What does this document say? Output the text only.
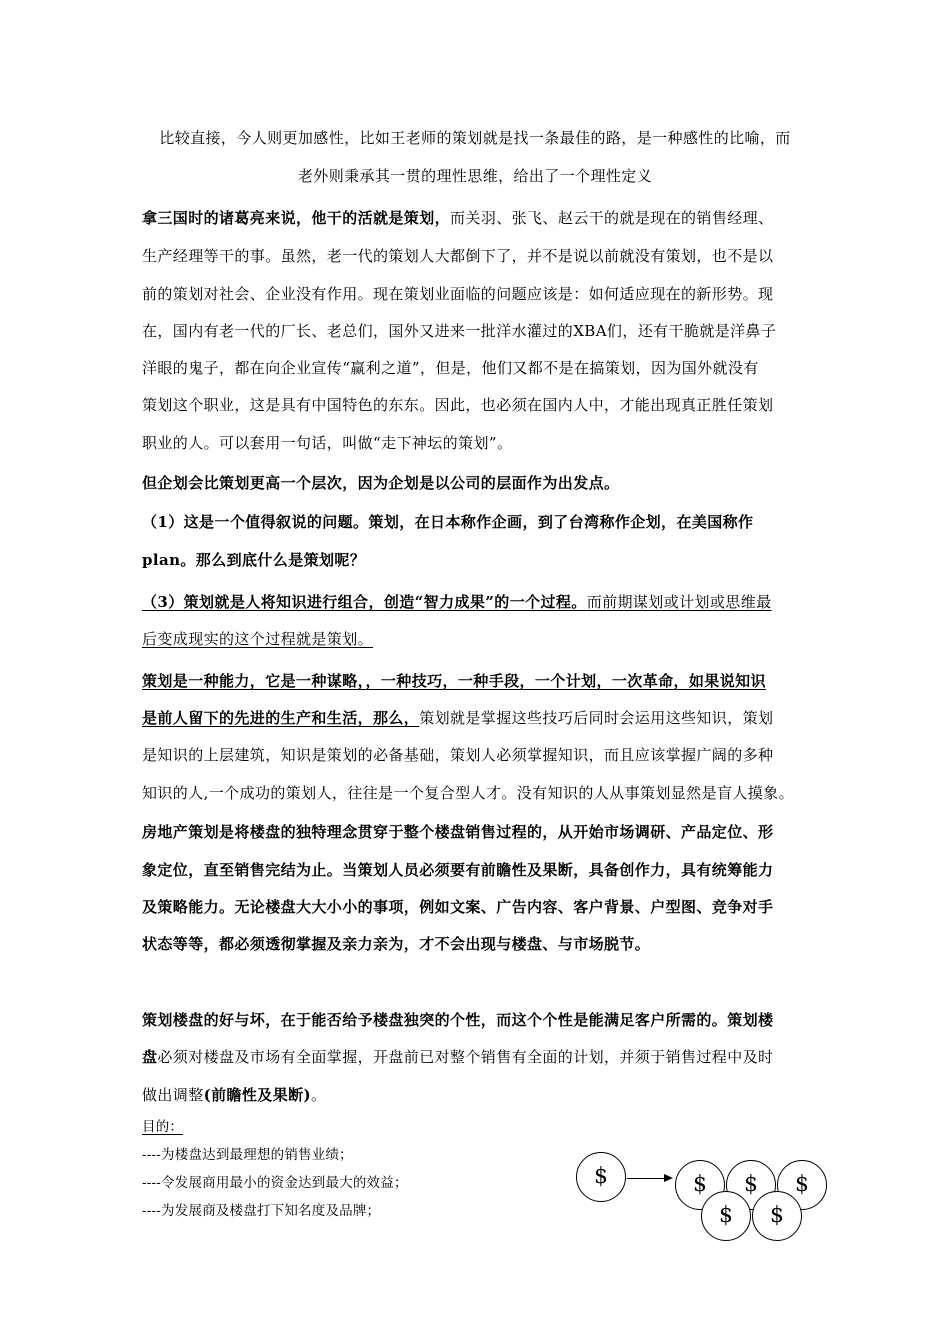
比较直接，今人则更加感性，比如王老师的策划就是找一条最佳的路，是一种感性的比喻，而
老外则秉承其一贯的理性思维，给出了一个理性定义
拿三国时的诸葛亮来说，他干的活就是策划，而关羽、张飞、赵云干的就是现在的销售经理、
生产经理等干的事。虽然，老一代的策划人大都倒下了，并不是说以前就没有策划，也不是以
前的策划对社会、企业没有作用。现在策划业面临的问题应该是：如何适应现在的新形势。现
在，国内有老一代的厂长、老总们，国外又进来一批洋水灌过的XBA们，还有干脆就是洋鼻子
洋眼的鬼子，都在向企业宣传“赢利之道”，但是，他们又都不是在搞策划，因为国外就没有
策划这个职业，这是具有中国特色的东东。因此，也必须在国内人中，才能出现真正胜任策划
职业的人。可以套用一句话，叫做“走下神坛的策划”。
但企划会比策划更高一个层次，因为企划是以公司的层面作为出发点。
（1）这是一个值得叙说的问题。策划，在日本称作企画，到了台湾称作企划，在美国称作
plan。那么到底什么是策划呢？
（3）策划就是人将知识进行组合，创造“智力成果”的一个过程。而前期谋划或计划或思维最
后变成现实的这个过程就是策划。
策划是一种能力，它是一种谋略，，一种技巧，一种手段，一个计划，一次革命，如果说知识
是前人留下的先进的生产和生活，那么，策划就是掌握这些技巧后同时会运用这些知识，策划
是知识的上层建筑，知识是策划的必备基础，策划人必须掌握知识，而且应该掌握广阔的多种
知识的人,一个成功的策划人，往往是一个复合型人才。没有知识的人从事策划显然是盲人摸象。
房地产策划是将楼盘的独特理念贯穿于整个楼盘销售过程的，从开始市场调研、产品定位、形
象定位，直至销售完结为止。当策划人员必须要有前瞻性及果断，具备创作力，具有统筹能力
及策略能力。无论楼盘大大小小的事项，例如文案、广告内容、客户背景、户型图、竞争对手
状态等等，都必须透彻掌握及亲力亲为，才不会出现与楼盘、与市场脱节。
策划楼盘的好与坏，在于能否给予楼盘独突的个性，而这个个性是能满足客户所需的。策划楼
盘必须对楼盘及市场有全面掌握，开盘前已对整个销售有全面的计划，并须于销售过程中及时
做出调整(前瞻性及果断)。
目的：
----为楼盘达到最理想的销售业绩；
----令发展商用最小的资金达到最大的效益；
----为发展商及楼盘打下知名度及品牌；
$	$	$	$
$	$
